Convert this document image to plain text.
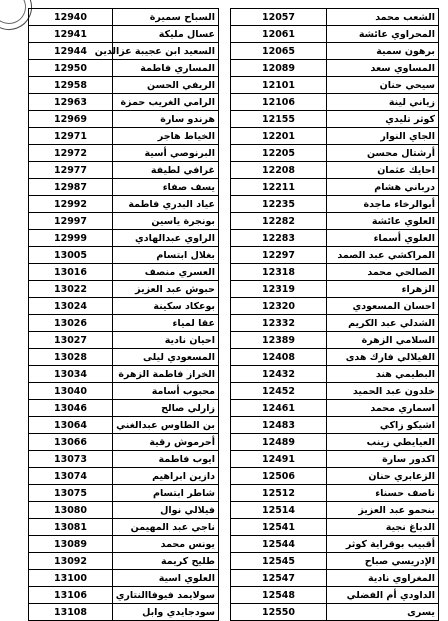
الشعب محمد	12057
المحراوي عائشة	12061
برهون سمية	12065
المساوي سعد	12089
سيحي حنان	12101
زياني لينة	12106
كوثر تليدي	12155
الجاي النوار	12201
أرشتال محسن	12205
احايك عثمان	12208
درباني هشام	12211
أبوالرخاء ماجدة	12235
العلوي عائشة	12282
العلوي أسماء	12283
المراكشي عبد الصمد	12297
الصالحي محمد	12318
الزهراء	12319
احسان المسعودي	12320
الشدلي عبد الكريم	12332
السلامي الزهرة	12389
الفيلالي فارك هدى	12408
البطيمي هند	12432
خلدون عبد الحميد	12452
اسماري محمد	12461
اشيكو زاكي	12483
العيايطي زينب	12489
اكدور سارة	12491
الزعابري حنان	12506
ناصف حسناء	12512
بنحمو عبد العزيز	12514
الدباغ نجية	12541
أقبيب بوقراية كوثر	12544
الإدريسي صباح	12545
المغراوي نادية	12547
الداودي أم الفضلي	12548
يسرى	12550
السباح سميرة	12940
عسال مليكة	12941
السعيد ابن عجيبة عزالدين	12944
المساري فاطمة	12950
الريفي الحسن	12958
الرامي الغريب حمزة	12963
هرندو سارة	12969
الخياط هاجر	12971
البرنوصي أسية	12972
غرافي لطيفة	12977
يسف صفاء	12987
عياد البدري فاطمة	12992
بونجرة ياسين	12997
الراوي عبدالهادي	12999
بغلال ابتسام	13005
العسري منصف	13016
حبوش عبد العزيز	13022
بوعكاد سكينة	13024
عقا لمياء	13026
احيان نادية	13027
المسعودي ليلى	13028
الخراز فاطمة الزهرة	13034
محبوب أسامة	13040
زارلي صالح	13046
بن الطاوس عبدالغني	13064
أحرموش رقية	13066
ايوب فاطمة	13073
دازين ابراهيم	13074
شاطر ابتسام	13075
فيلالي نوال	13080
ناجي عبد المهيمن	13081
يونس محمد	13089
طليح كريمة	13092
العلوي اسية	13100
سولايمد فيوفاالنتاري	13106
سودجايدي وابل	13108
